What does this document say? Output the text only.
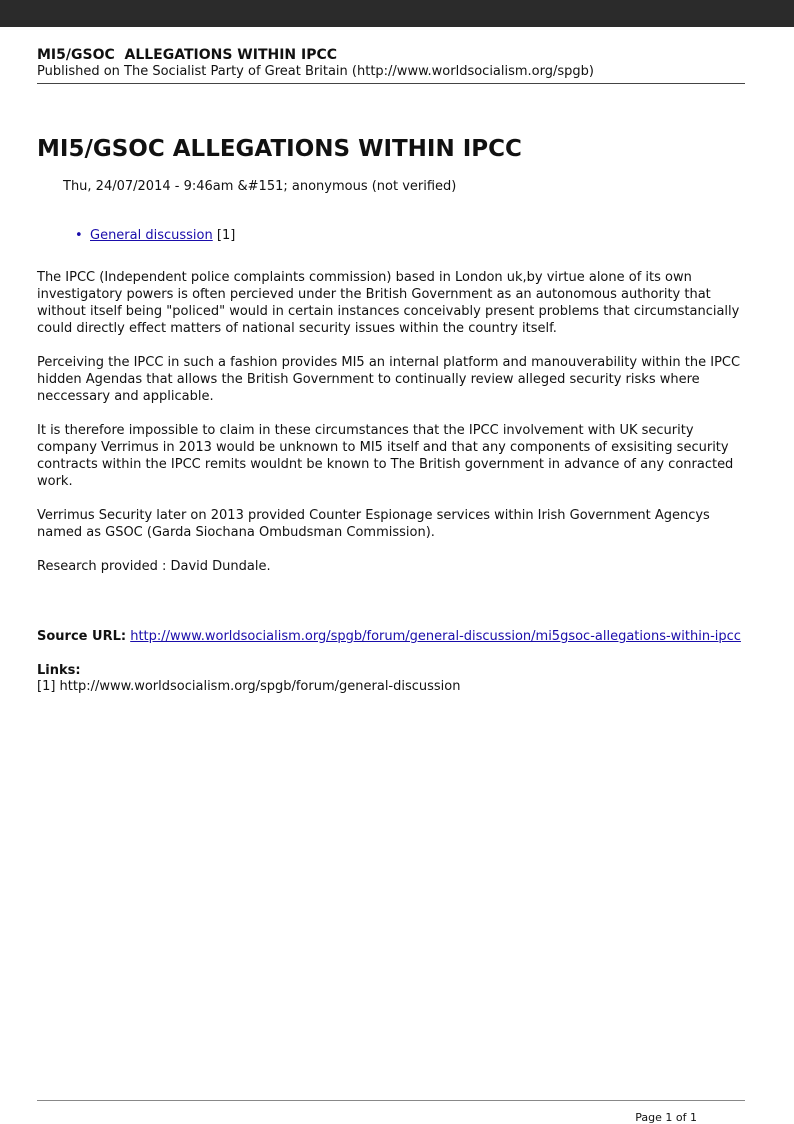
MI5/GSOC  ALLEGATIONS WITHIN IPCC
Published on The Socialist Party of Great Britain (http://www.worldsocialism.org/spgb)
MI5/GSOC ALLEGATIONS WITHIN IPCC
Thu, 24/07/2014 - 9:46am &#151; anonymous (not verified)
• General discussion [1]

The IPCC (Independent police complaints commission) based in London uk,by virtue alone of its own investigatory powers is often percieved under the British Government as an autonomous authority that without itself being "policed" would in certain instances conceivably present problems that circumstancially could directly effect matters of national security issues within the country itself.

Perceiving the IPCC in such a fashion provides MI5 an internal platform and manouverability within the IPCC hidden Agendas that allows the British Government to continually review alleged security risks where neccessary and applicable.

It is therefore impossible to claim in these circumstances that the IPCC involvement with UK security company Verrimus in 2013 would be unknown to MI5 itself and that any components of exsisiting security contracts within the IPCC remits wouldnt be known to The British government in advance of any conracted work.

Verrimus Security later on 2013 provided Counter Espionage services within Irish Government Agencys named as GSOC (Garda Siochana Ombudsman Commission).

Research provided : David Dundale.

Source URL: http://www.worldsocialism.org/spgb/forum/general-discussion/mi5gsoc-allegations-within-ipcc
Links:
[1] http://www.worldsocialism.org/spgb/forum/general-discussion
Page 1 of 1
